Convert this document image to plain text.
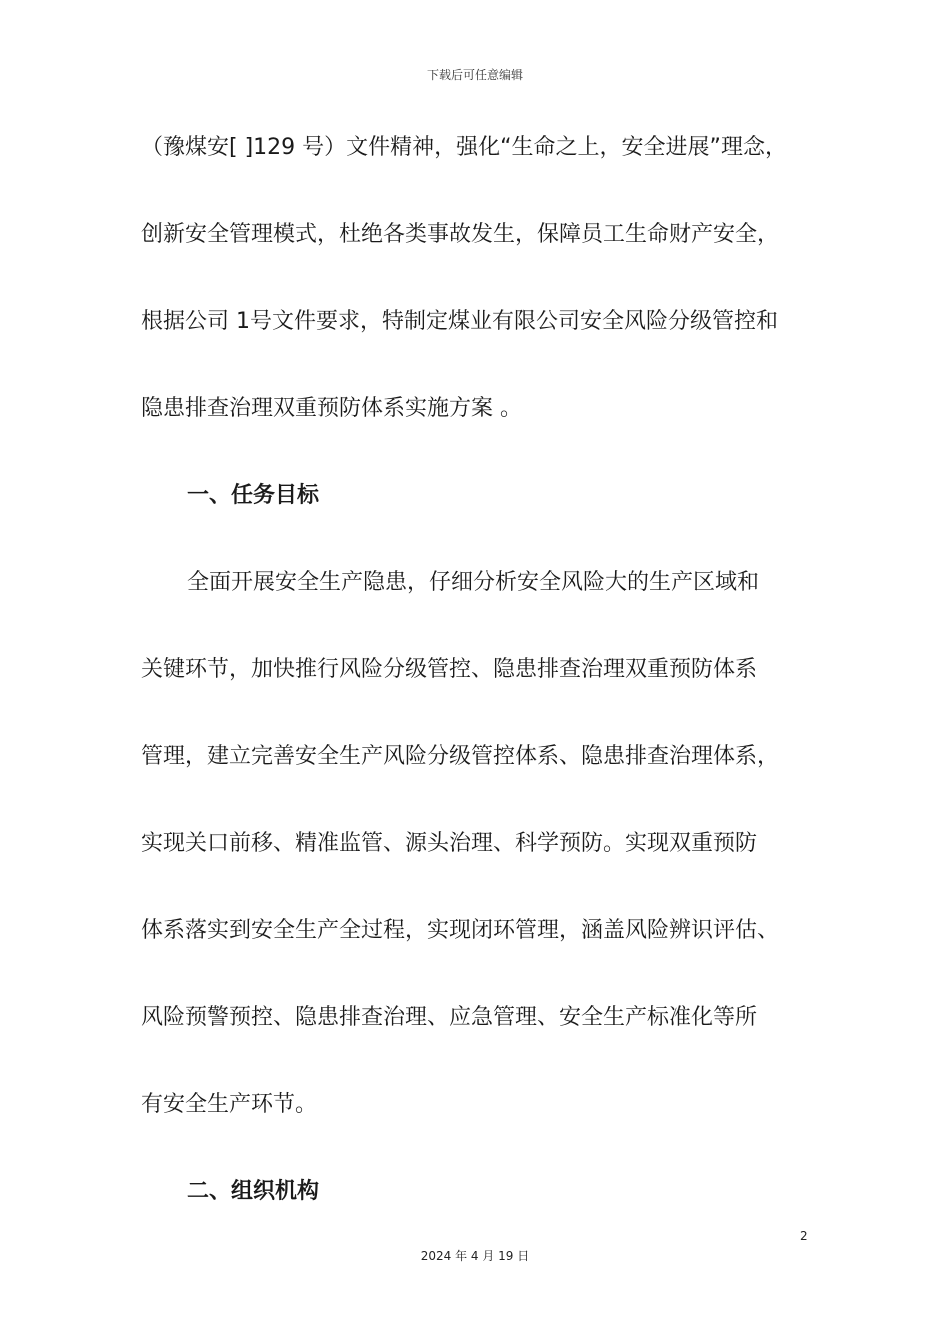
下载后可任意编辑
（豫煤安[ ]129 号）文件精神，强化“生命之上，安全进展”理念，
创新安全管理模式，杜绝各类事故发生，保障员工生命财产安全，
根据公司 1号文件要求，特制定煤业有限公司安全风险分级管控和
隐患排查治理双重预防体系实施方案 。
一、任务目标
全面开展安全生产隐患，仔细分析安全风险大的生产区域和
关键环节，加快推行风险分级管控、隐患排查治理双重预防体系
管理，建立完善安全生产风险分级管控体系、隐患排查治理体系，
实现关口前移、精准监管、源头治理、科学预防。实现双重预防
体系落实到安全生产全过程，实现闭环管理，涵盖风险辨识评估、
风险预警预控、隐患排查治理、应急管理、安全生产标准化等所
有安全生产环节。
二、组织机构
2
2024 年 4 月 19 日
